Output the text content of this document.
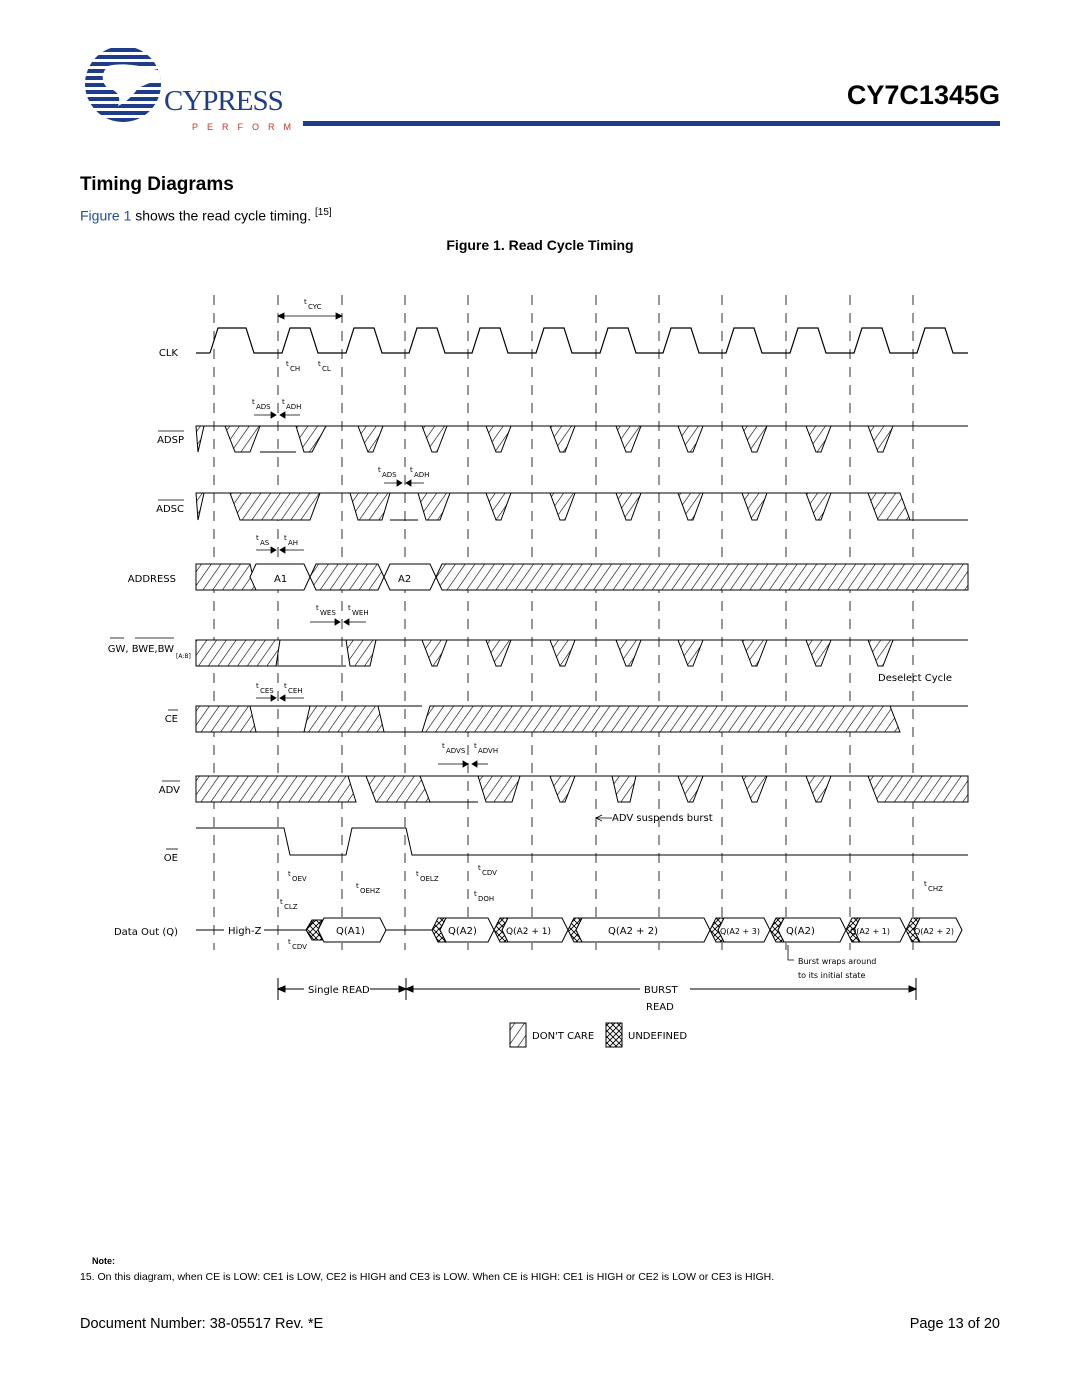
CYPRESS
PERFORM
CY7C1345G
Timing Diagrams
Figure 1 shows the read cycle timing. [15]
Figure 1. Read Cycle Timing
CLK
ADSP
ADSC
ADDRESS
GW, BWE,BW
CE
ADV
OE
Data Out (Q)
[A:B]
A1	A2
Deselect Cycle
ADV suspends burst
High-Z	Q(A1)	Q(A2)	Q(A2 + 1)	Q(A2 + 2)	Q(A2 + 3)	Q(A2)	Q(A2 + 1)	Q(A2 + 2)
Burst wraps around
to its initial state
t
CYC
t
CH
t
CL
t
ADS
t
ADH
t
ADS
t
ADH
t
AS
t
AH
t
WES
t
WEH
t
CES
t
CEH
t
ADVS
t
ADVH
t
OEV
t
OEHZ
t
OELZ
t
CDV
t
DOH
t
CLZ
t
CDV
t
CHZ
Single READ	BURST
READ
DON'T CARE	UNDEFINED
Note:
15. On this diagram, when CE is LOW: CE1 is LOW, CE2 is HIGH and CE3 is LOW. When CE is HIGH: CE1 is HIGH or CE2 is LOW or CE3 is HIGH.
Document Number: 38-05517 Rev. *E	Page 13 of 20
